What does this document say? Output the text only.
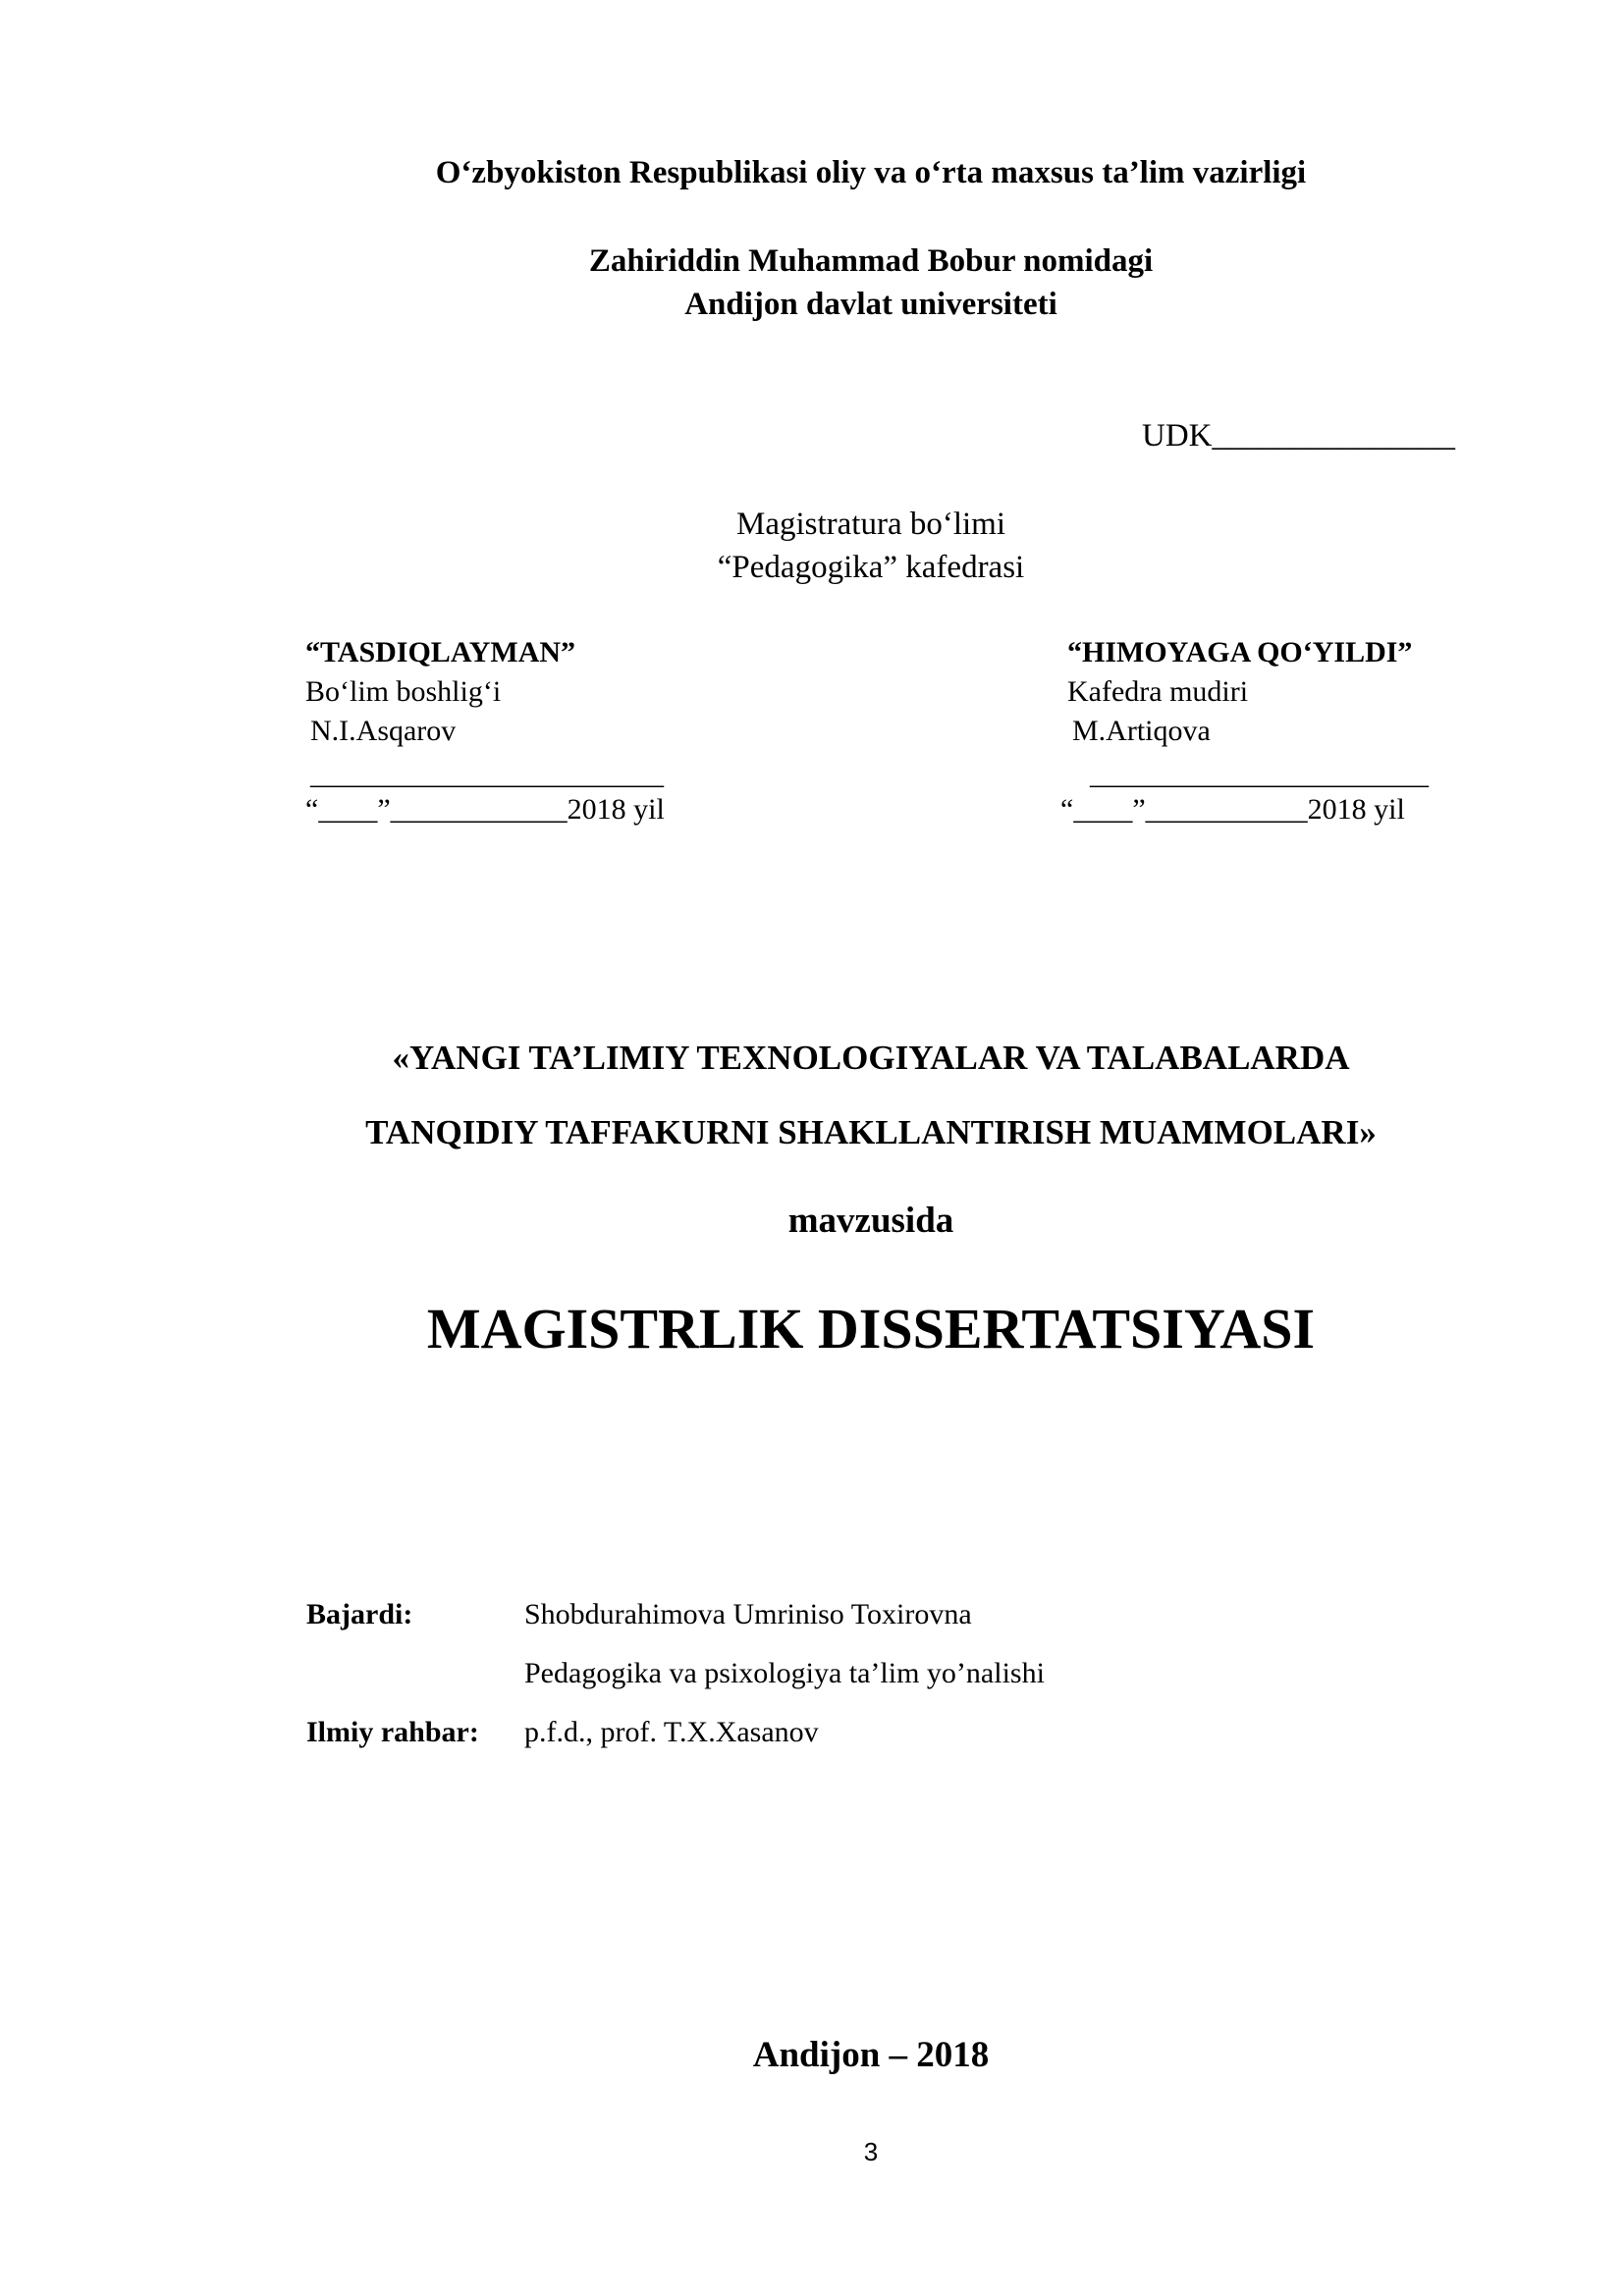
O‘zbyokiston Respublikasi oliy va o‘rta maxsus ta’lim vazirligi
Zahiriddin Muhammad Bobur nomidagi
Andijon davlat universiteti
UDK_______________
Magistratura bo‘limi
“Pedagogika” kafedrasi
“TASDIQLAYMAN”
Bo‘lim boshlig‘i
N.I.Asqarov
________________________
“____”____________2018 yil
“HIMOYAGA QO‘YILDI”
Kafedra mudiri
M.Artiqova
_______________________
“____”___________2018 yil
«YANGI TA’LIMIY TEXNOLOGIYALAR VA TALABALARDA
TANQIDIY TAFFAKURNI SHAKLLANTIRISH MUAMMOLARI»
mavzusida
MAGISTRLIK DISSERTATSIYASI
Bajardi:	Shobdurahimova Umriniso Toxirovna
Pedagogika va psixologiya ta’lim yo’nalishi
Ilmiy rahbar: p.f.d., prof. T.X.Xasanov
Andijon – 2018
3
